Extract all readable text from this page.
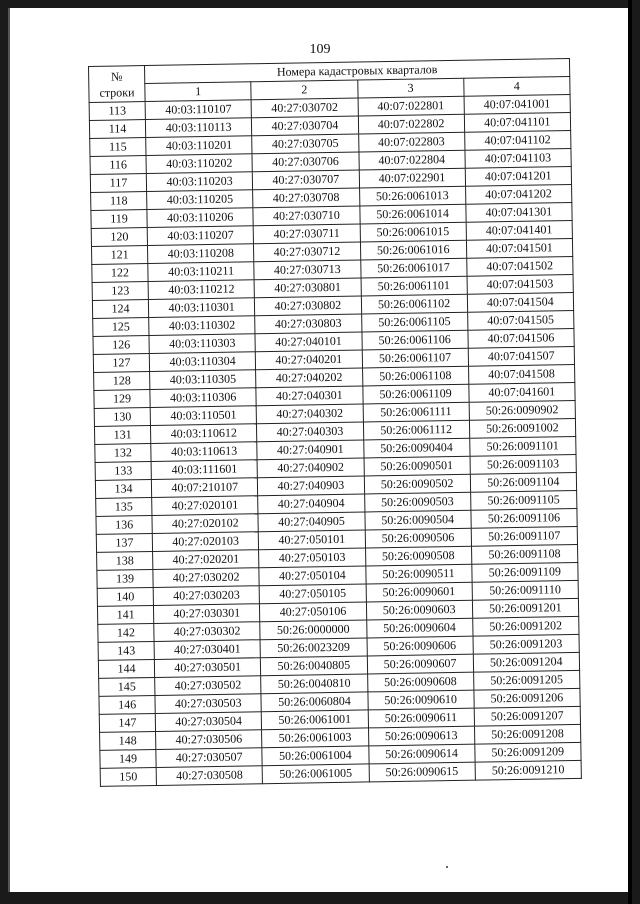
109
№
строки	Номера кадастровых кварталов			
	1	2	3	4
113	40:03:110107	40:27:030702	40:07:022801	40:07:041001
114	40:03:110113	40:27:030704	40:07:022802	40:07:041101
115	40:03:110201	40:27:030705	40:07:022803	40:07:041102
116	40:03:110202	40:27:030706	40:07:022804	40:07:041103
117	40:03:110203	40:27:030707	40:07:022901	40:07:041201
118	40:03:110205	40:27:030708	50:26:0061013	40:07:041202
119	40:03:110206	40:27:030710	50:26:0061014	40:07:041301
120	40:03:110207	40:27:030711	50:26:0061015	40:07:041401
121	40:03:110208	40:27:030712	50:26:0061016	40:07:041501
122	40:03:110211	40:27:030713	50:26:0061017	40:07:041502
123	40:03:110212	40:27:030801	50:26:0061101	40:07:041503
124	40:03:110301	40:27:030802	50:26:0061102	40:07:041504
125	40:03:110302	40:27:030803	50:26:0061105	40:07:041505
126	40:03:110303	40:27:040101	50:26:0061106	40:07:041506
127	40:03:110304	40:27:040201	50:26:0061107	40:07:041507
128	40:03:110305	40:27:040202	50:26:0061108	40:07:041508
129	40:03:110306	40:27:040301	50:26:0061109	40:07:041601
130	40:03:110501	40:27:040302	50:26:0061111	50:26:0090902
131	40:03:110612	40:27:040303	50:26:0061112	50:26:0091002
132	40:03:110613	40:27:040901	50:26:0090404	50:26:0091101
133	40:03:111601	40:27:040902	50:26:0090501	50:26:0091103
134	40:07:210107	40:27:040903	50:26:0090502	50:26:0091104
135	40:27:020101	40:27:040904	50:26:0090503	50:26:0091105
136	40:27:020102	40:27:040905	50:26:0090504	50:26:0091106
137	40:27:020103	40:27:050101	50:26:0090506	50:26:0091107
138	40:27:020201	40:27:050103	50:26:0090508	50:26:0091108
139	40:27:030202	40:27:050104	50:26:0090511	50:26:0091109
140	40:27:030203	40:27:050105	50:26:0090601	50:26:0091110
141	40:27:030301	40:27:050106	50:26:0090603	50:26:0091201
142	40:27:030302	50:26:0000000	50:26:0090604	50:26:0091202
143	40:27:030401	50:26:0023209	50:26:0090606	50:26:0091203
144	40:27:030501	50:26:0040805	50:26:0090607	50:26:0091204
145	40:27:030502	50:26:0040810	50:26:0090608	50:26:0091205
146	40:27:030503	50:26:0060804	50:26:0090610	50:26:0091206
147	40:27:030504	50:26:0061001	50:26:0090611	50:26:0091207
148	40:27:030506	50:26:0061003	50:26:0090613	50:26:0091208
149	40:27:030507	50:26:0061004	50:26:0090614	50:26:0091209
150	40:27:030508	50:26:0061005	50:26:0090615	50:26:0091210
